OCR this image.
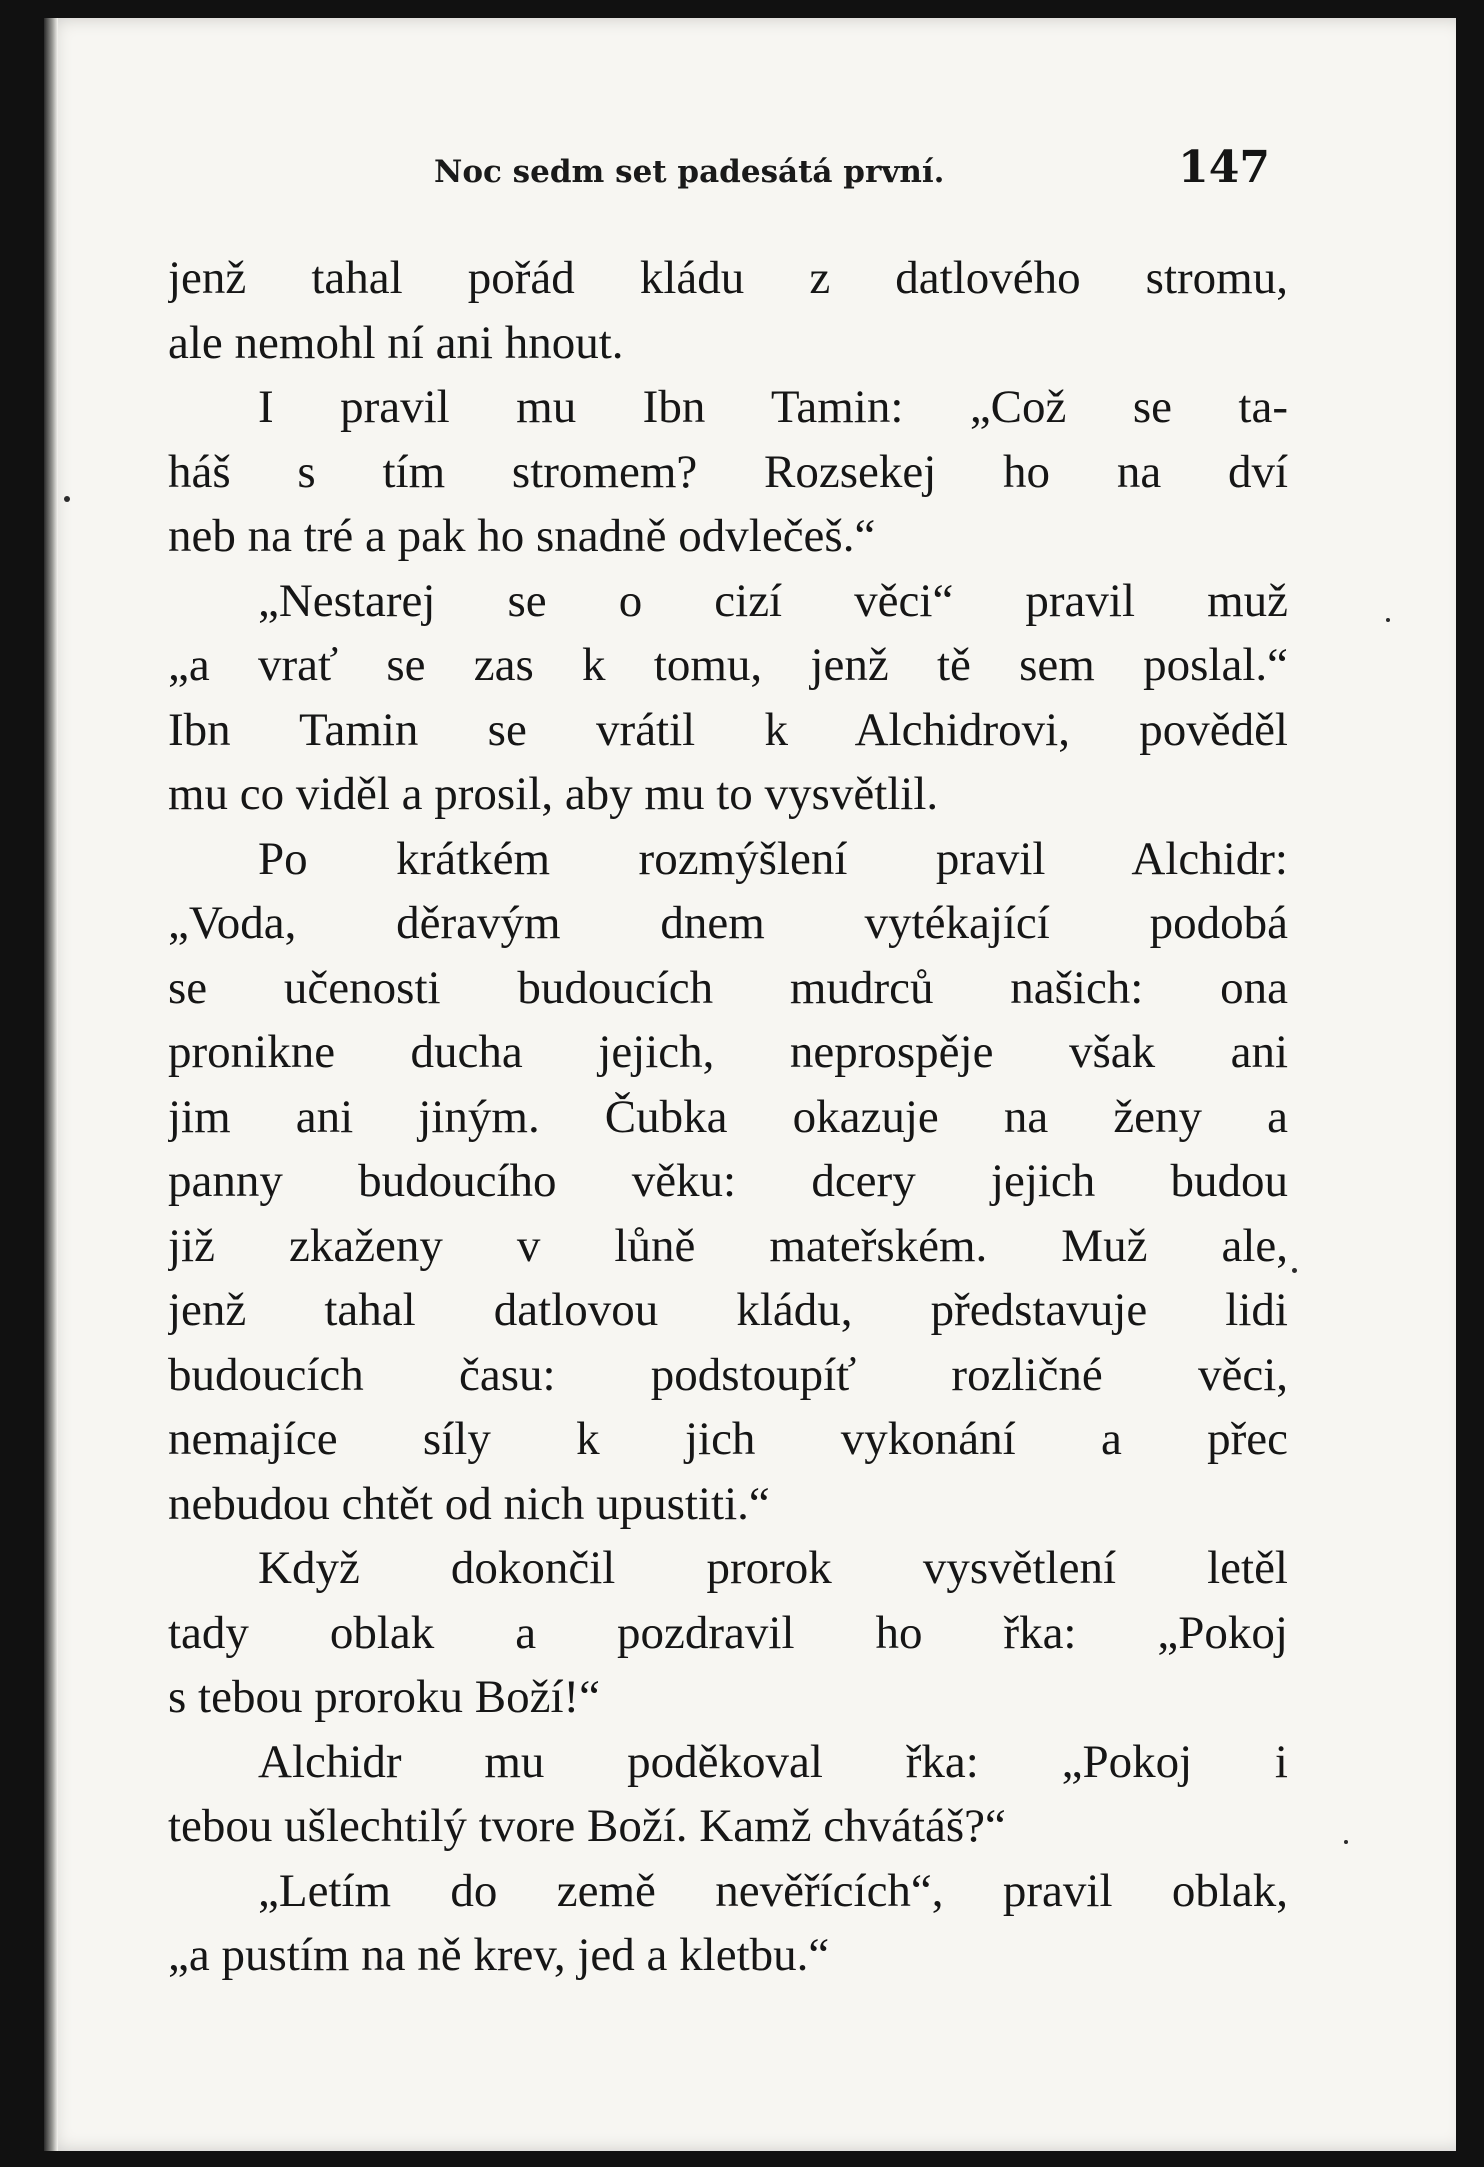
Noc sedm set padesátá první.	147
jenž tahal pořád kládu z datlového stromu,
ale nemohl ní ani hnout.
I pravil mu Ibn Tamin: „Což se ta-
háš s tím stromem? Rozsekej ho na dví
neb na tré a pak ho snadně odvlečeš.“
„Nestarej se o cizí věci“ pravil muž
„a vrať se zas k tomu, jenž tě sem poslal.“
Ibn Tamin se vrátil k Alchidrovi, pověděl
mu co viděl a prosil, aby mu to vysvětlil.
Po krátkém rozmýšlení pravil Alchidr:
„Voda, děravým dnem vytékající podobá
se učenosti budoucích mudrců našich: ona
pronikne ducha jejich, neprospěje však ani
jim ani jiným. Čubka okazuje na ženy a
panny budoucího věku: dcery jejich budou
již zkaženy v lůně mateřském. Muž ale,
jenž tahal datlovou kládu, představuje lidi
budoucích času: podstoupíť rozličné věci,
nemajíce síly k jich vykonání a přec
nebudou chtět od nich upustiti.“
Když dokončil prorok vysvětlení letěl
tady oblak a pozdravil ho řka: „Pokoj
s tebou proroku Boží!“
Alchidr mu poděkoval řka: „Pokoj i
tebou ušlechtilý tvore Boží. Kamž chvátáš?“
„Letím do země nevěřících“, pravil oblak,
„a pustím na ně krev, jed a kletbu.“
